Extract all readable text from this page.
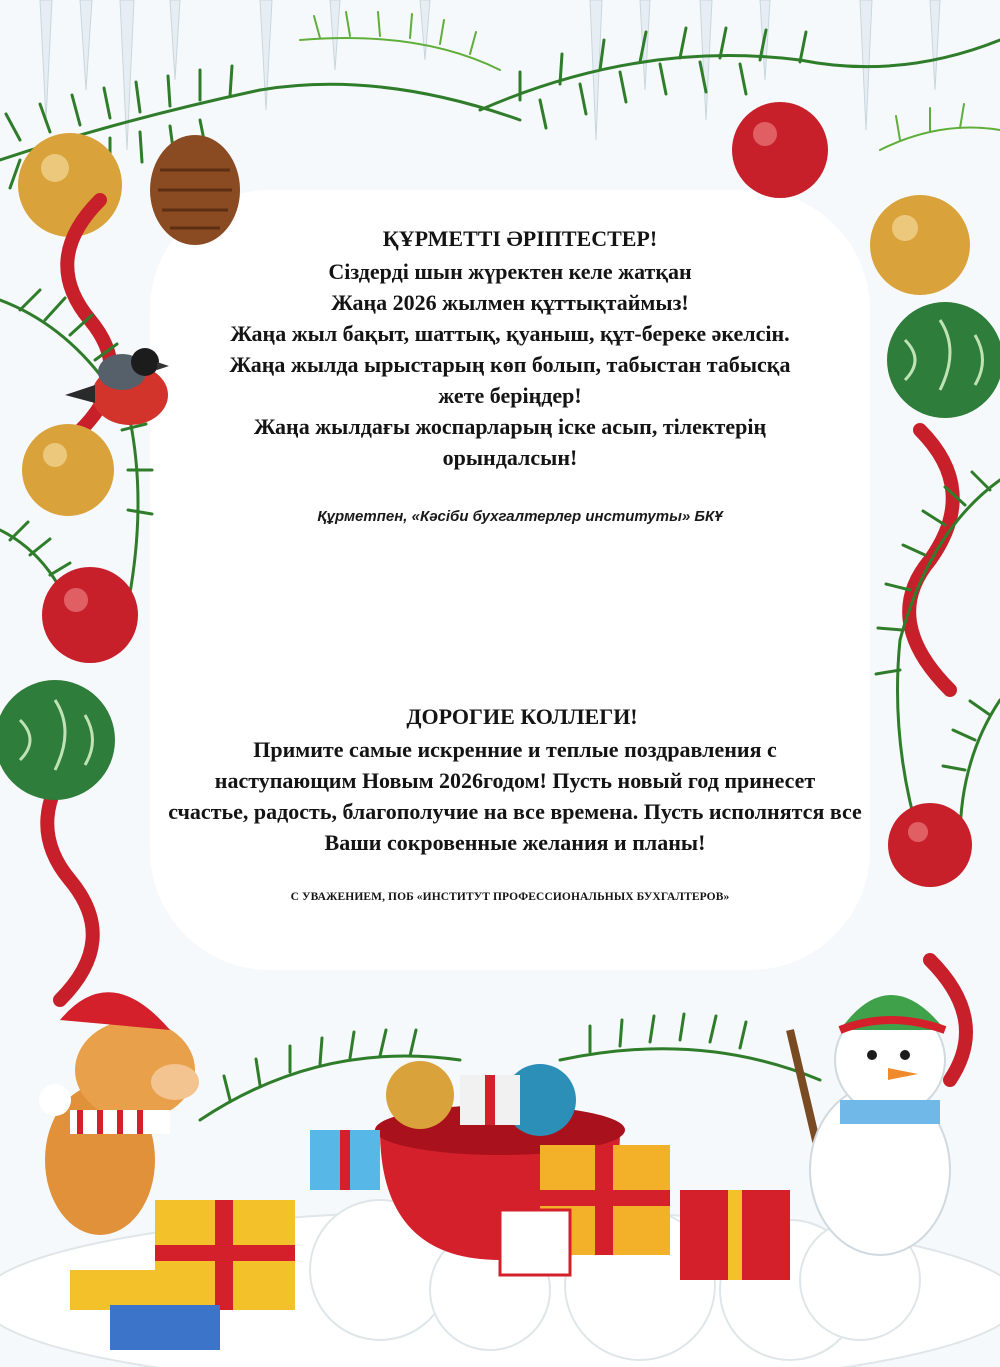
ҚҰРМЕТТІ ӘРІПТЕСТЕР!
Сіздерді шын жүректен келе жатқан
Жаңа 2026 жылмен құттықтаймыз!
Жаңа жыл бақыт, шаттық, қуаныш, құт-береке әкелсін.
Жаңа жылда ырыстарың көп болып, табыстан табысқа
жете беріңдер!
Жаңа жылдағы жоспарларың іске асып, тілектерің
орындалсын!
Құрметпен, «Кәсіби бухгалтерлер институты» БКҰ
ДОРОГИЕ КОЛЛЕГИ!
Примите самые искренние и теплые поздравления с
наступающим Новым 2026годом! Пусть новый год принесет
счастье, радость, благополучие на все времена. Пусть исполнятся все
Ваши сокровенные желания и планы!
С УВАЖЕНИЕМ, ПОБ «ИНСТИТУТ ПРОФЕССИОНАЛЬНЫХ БУХГАЛТЕРОВ»
